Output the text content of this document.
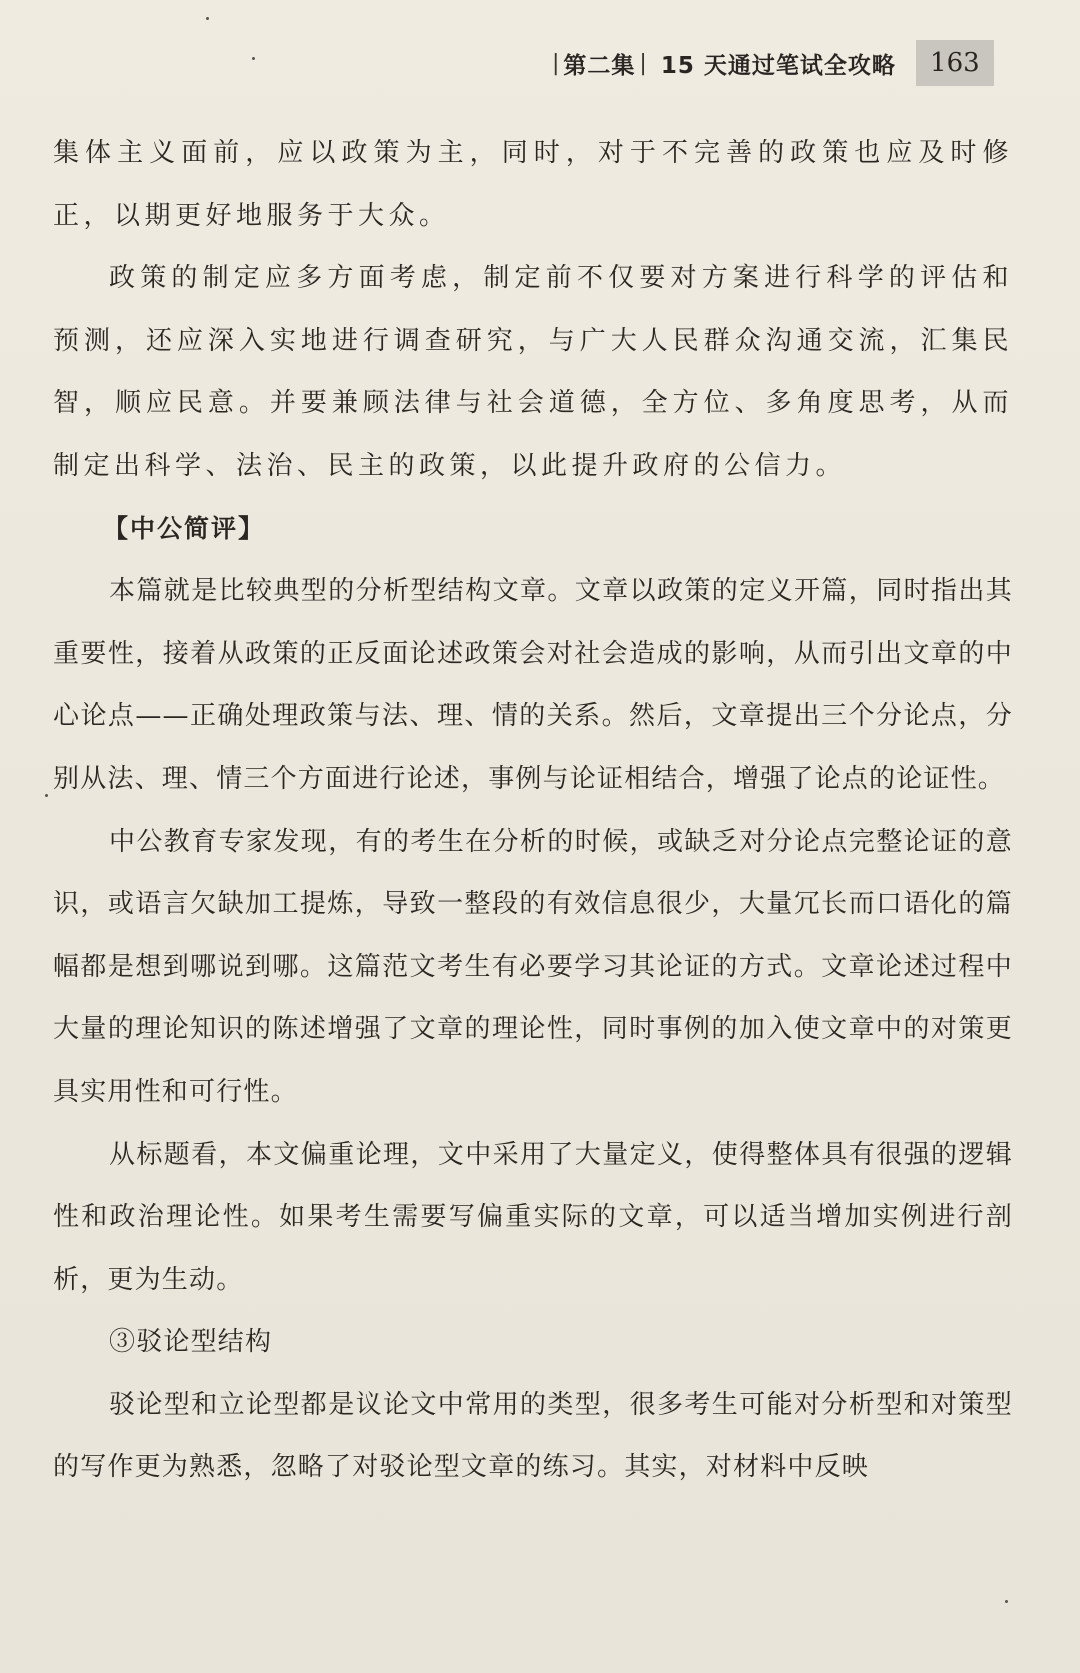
| 第二集 | 15 天通过笔试全攻略	163

集体主义面前，应以政策为主，同时，对于不完善的政策也应及时修正，以期更好地服务于大众。

政策的制定应多方面考虑，制定前不仅要对方案进行科学的评估和预测，还应深入实地进行调查研究，与广大人民群众沟通交流，汇集民智，顺应民意。并要兼顾法律与社会道德，全方位、多角度思考，从而制定出科学、法治、民主的政策，以此提升政府的公信力。

【中公简评】

本篇就是比较典型的分析型结构文章。文章以政策的定义开篇，同时指出其重要性，接着从政策的正反面论述政策会对社会造成的影响，从而引出文章的中心论点——正确处理政策与法、理、情的关系。然后，文章提出三个分论点，分别从法、理、情三个方面进行论述，事例与论证相结合，增强了论点的论证性。

中公教育专家发现，有的考生在分析的时候，或缺乏对分论点完整论证的意识，或语言欠缺加工提炼，导致一整段的有效信息很少，大量冗长而口语化的篇幅都是想到哪说到哪。这篇范文考生有必要学习其论证的方式。文章论述过程中大量的理论知识的陈述增强了文章的理论性，同时事例的加入使文章中的对策更具实用性和可行性。

从标题看，本文偏重论理，文中采用了大量定义，使得整体具有很强的逻辑性和政治理论性。如果考生需要写偏重实际的文章，可以适当增加实例进行剖析，更为生动。

③驳论型结构

驳论型和立论型都是议论文中常用的类型，很多考生可能对分析型和对策型的写作更为熟悉，忽略了对驳论型文章的练习。其实，对材料中反映
